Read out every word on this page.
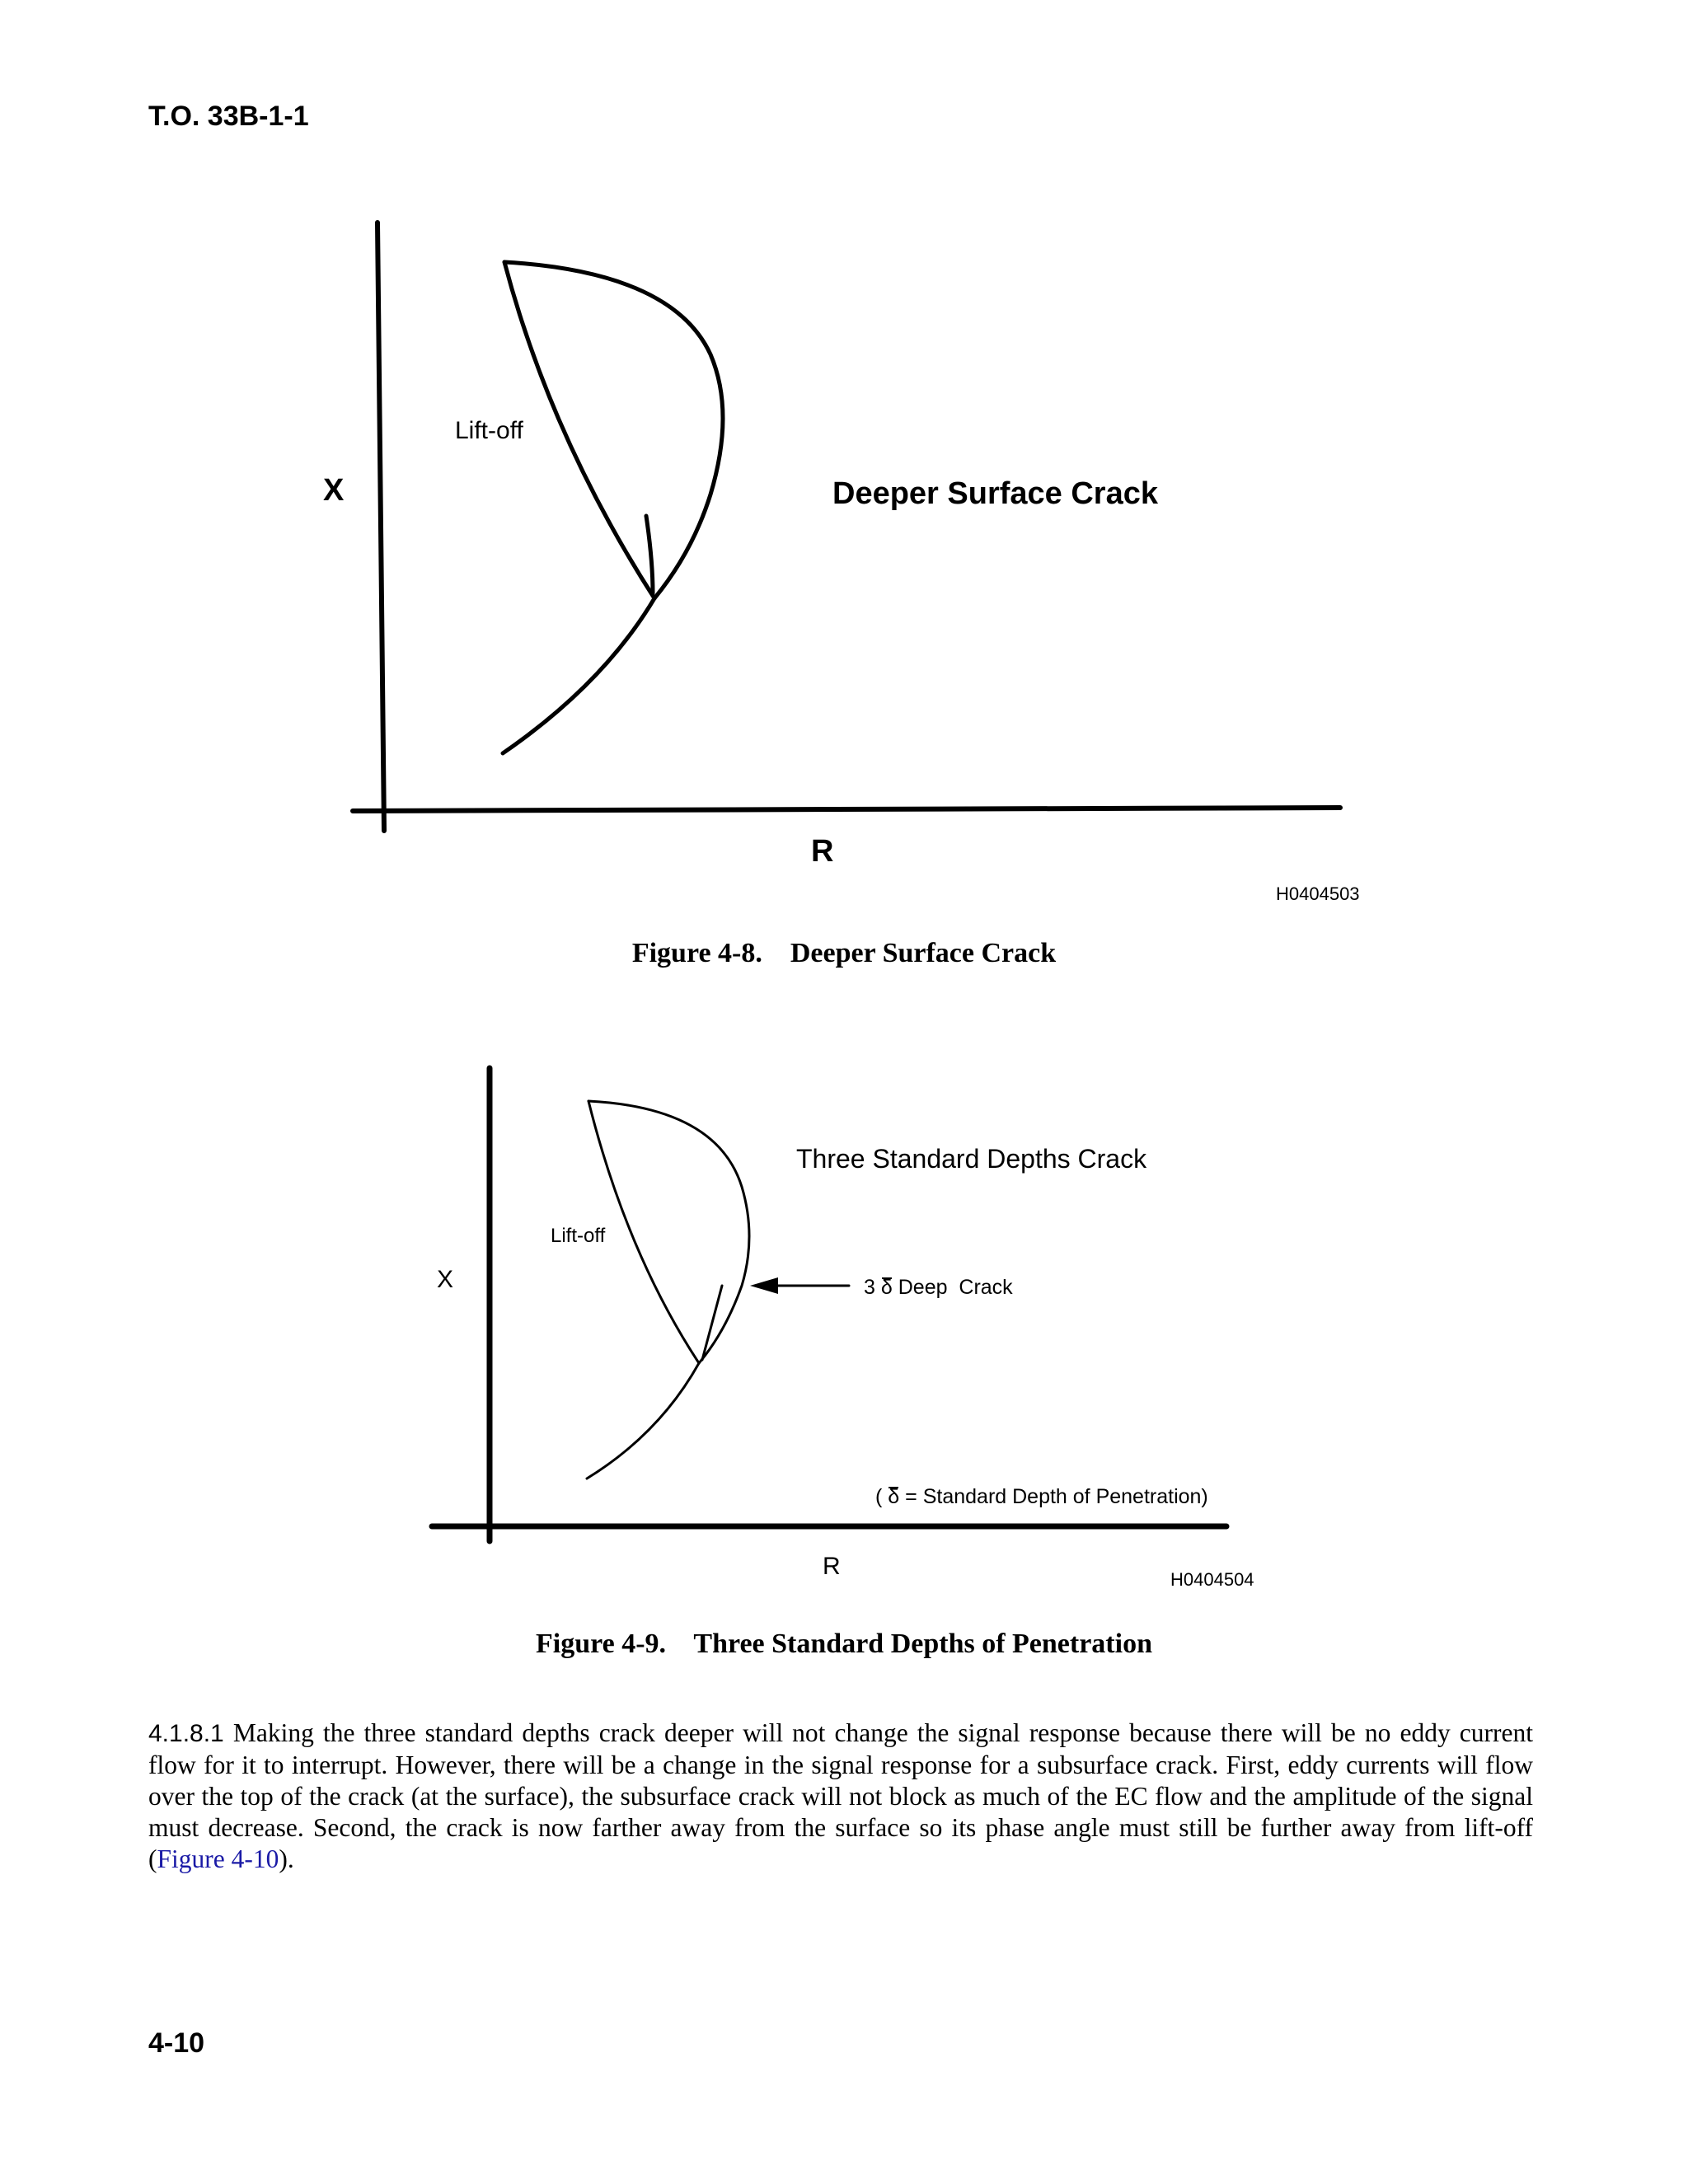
T.O. 33B-1-1
X
R
Lift-off
Deeper Surface Crack
H0404503
Figure 4-8.    Deeper Surface Crack
X
R
Lift-off
Three Standard Depths Crack
3 δ Deep  Crack
( δ = Standard Depth of Penetration)
H0404504
Figure 4-9.    Three Standard Depths of Penetration
4.1.8.1 Making the three standard depths crack deeper will not change the signal response because there will be no eddy current flow for it to interrupt. However, there will be a change in the signal response for a subsurface crack. First, eddy currents will flow over the top of the crack (at the surface), the subsurface crack will not block as much of the EC flow and the amplitude of the signal must decrease. Second, the crack is now farther away from the surface so its phase angle must still be further away from lift-off (Figure 4-10).
4-10
